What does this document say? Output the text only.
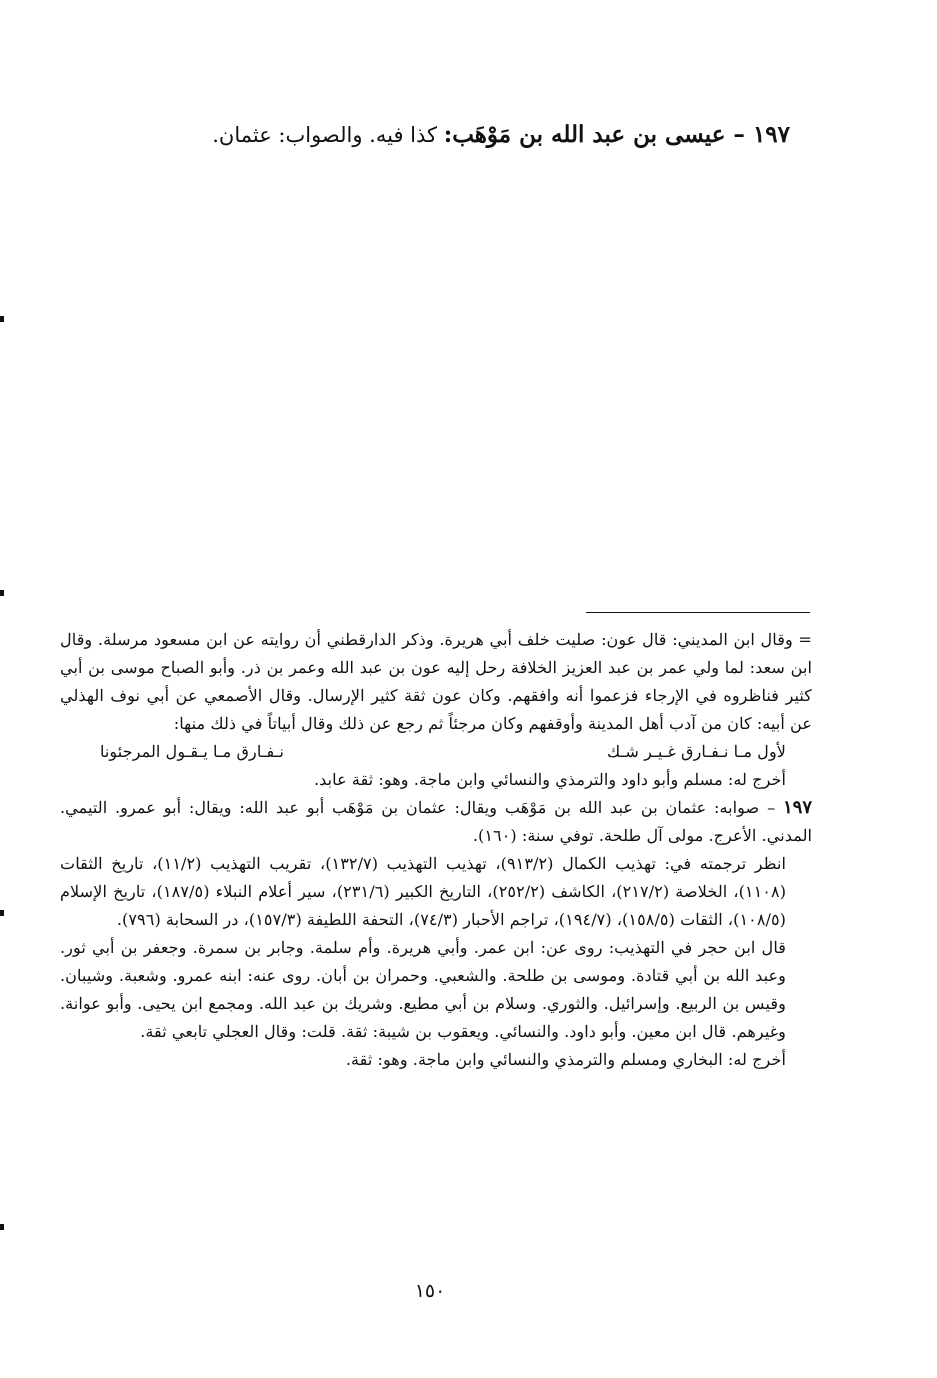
١٩٧ – عيسى بن عبد الله بن مَوْهَب: كذا فيه. والصواب: عثمان.

= وقال ابن المديني: قال عون: صليت خلف أبي هريرة. وذكر الدارقطني أن روايته عن ابن مسعود مرسلة. وقال ابن سعد: لما ولي عمر بن عبد العزيز الخلافة رحل إليه عون بن عبد الله وعمر بن ذر. وأبو الصباح موسى بن أبي كثير فناظروه في الإرجاء فزعموا أنه وافقهم. وكان عون ثقة كثير الإرسال. وقال الأصمعي عن أبي نوف الهذلي عن أبيه: كان من آدب أهل المدينة وأوقفهم وكان مرجئاً ثم رجع عن ذلك وقال أبياتاً في ذلك منها:

لأول مـا نـفـارق غـيـر شـك
نـفـارق مـا يـقـول المرجئونا

أخرج له: مسلم وأبو داود والترمذي والنسائي وابن ماجة. وهو: ثقة عابد.

١٩٧ – صوابه: عثمان بن عبد الله بن مَوْهَب ويقال: عثمان بن مَوْهَب أبو عبد الله: ويقال: أبو عمرو. التيمي. المدني. الأعرج. مولى آل طلحة. توفي سنة: (١٦٠).

انظر ترجمته في: تهذيب الكمال (٩١٣/٢)، تهذيب التهذيب (١٣٢/٧)، تقريب التهذيب (١١/٢)، تاريخ الثقات (١١٠٨)، الخلاصة (٢١٧/٢)، الكاشف (٢٥٢/٢)، التاريخ الكبير (٢٣١/٦)، سير أعلام النبلاء (١٨٧/٥)، تاريخ الإسلام (١٠٨/٥)، الثقات (١٥٨/٥)، (١٩٤/٧)، تراجم الأحبار (٧٤/٣)، التحفة اللطيفة (١٥٧/٣)، در السحابة (٧٩٦).

قال ابن حجر في التهذيب: روى عن: ابن عمر. وأبي هريرة. وأم سلمة. وجابر بن سمرة. وجعفر بن أبي ثور. وعبد الله بن أبي قتادة. وموسى بن طلحة. والشعبي. وحمران بن أبان. روى عنه: ابنه عمرو. وشعبة. وشيبان. وقيس بن الربيع. وإسرائيل. والثوري. وسلام بن أبي مطيع. وشريك بن عبد الله. ومجمع ابن يحيى. وأبو عوانة. وغيرهم. قال ابن معين. وأبو داود. والنسائي. ويعقوب بن شيبة: ثقة. قلت: وقال العجلي تابعي ثقة.

أخرج له: البخاري ومسلم والترمذي والنسائي وابن ماجة. وهو: ثقة.

١٥٠
